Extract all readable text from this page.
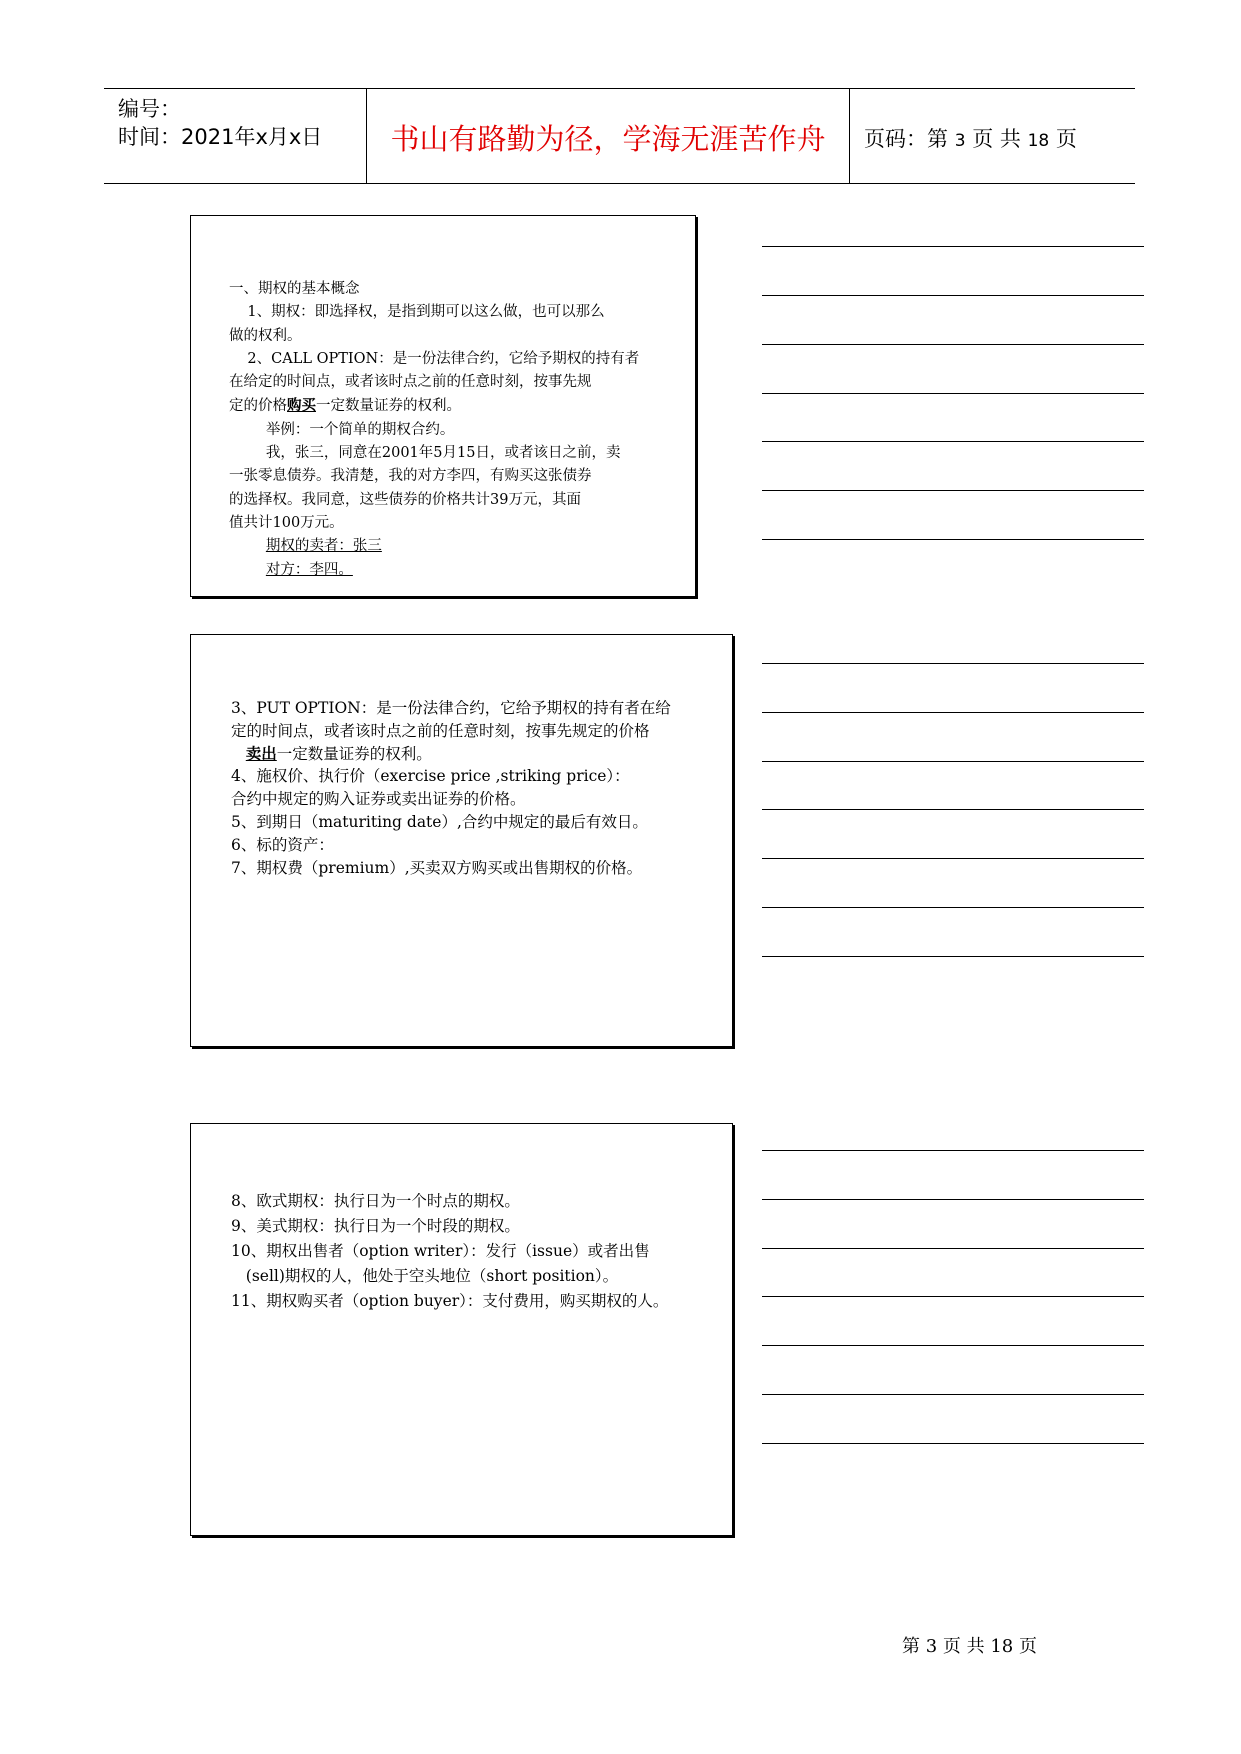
编号：
时间：2021年x月x日	书山有路勤为径，学海无涯苦作舟	页码：第 3 页 共 18 页
一、期权的基本概念
1、期权：即选择权，是指到期可以这么做，也可以那么
做的权利。
2、CALL OPTION：是一份法律合约，它给予期权的持有者
在给定的时间点，或者该时点之前的任意时刻，按事先规
定的价格购买一定数量证券的权利。
举例：一个简单的期权合约。
我，张三，同意在2001年5月15日，或者该日之前，卖
一张零息债券。我清楚，我的对方李四，有购买这张债券
的选择权。我同意，这些债券的价格共计39万元，其面
值共计100万元。
期权的卖者：张三
对方：李四。
3、PUT OPTION：是一份法律合约，它给予期权的持有者在给
定的时间点，或者该时点之前的任意时刻，按事先规定的价格
卖出一定数量证券的权利。
4、施权价、执行价（exercise price ,striking price）：
合约中规定的购入证券或卖出证券的价格。
5、到期日（maturiting date）,合约中规定的最后有效日。
6、标的资产：
7、期权费（premium）,买卖双方购买或出售期权的价格。
8、欧式期权：执行日为一个时点的期权。
9、美式期权：执行日为一个时段的期权。
10、期权出售者（option writer）：发行（issue）或者出售
(sell)期权的人，他处于空头地位（short position）。
11、期权购买者（option buyer）：支付费用，购买期权的人。
第 3 页 共 18 页
